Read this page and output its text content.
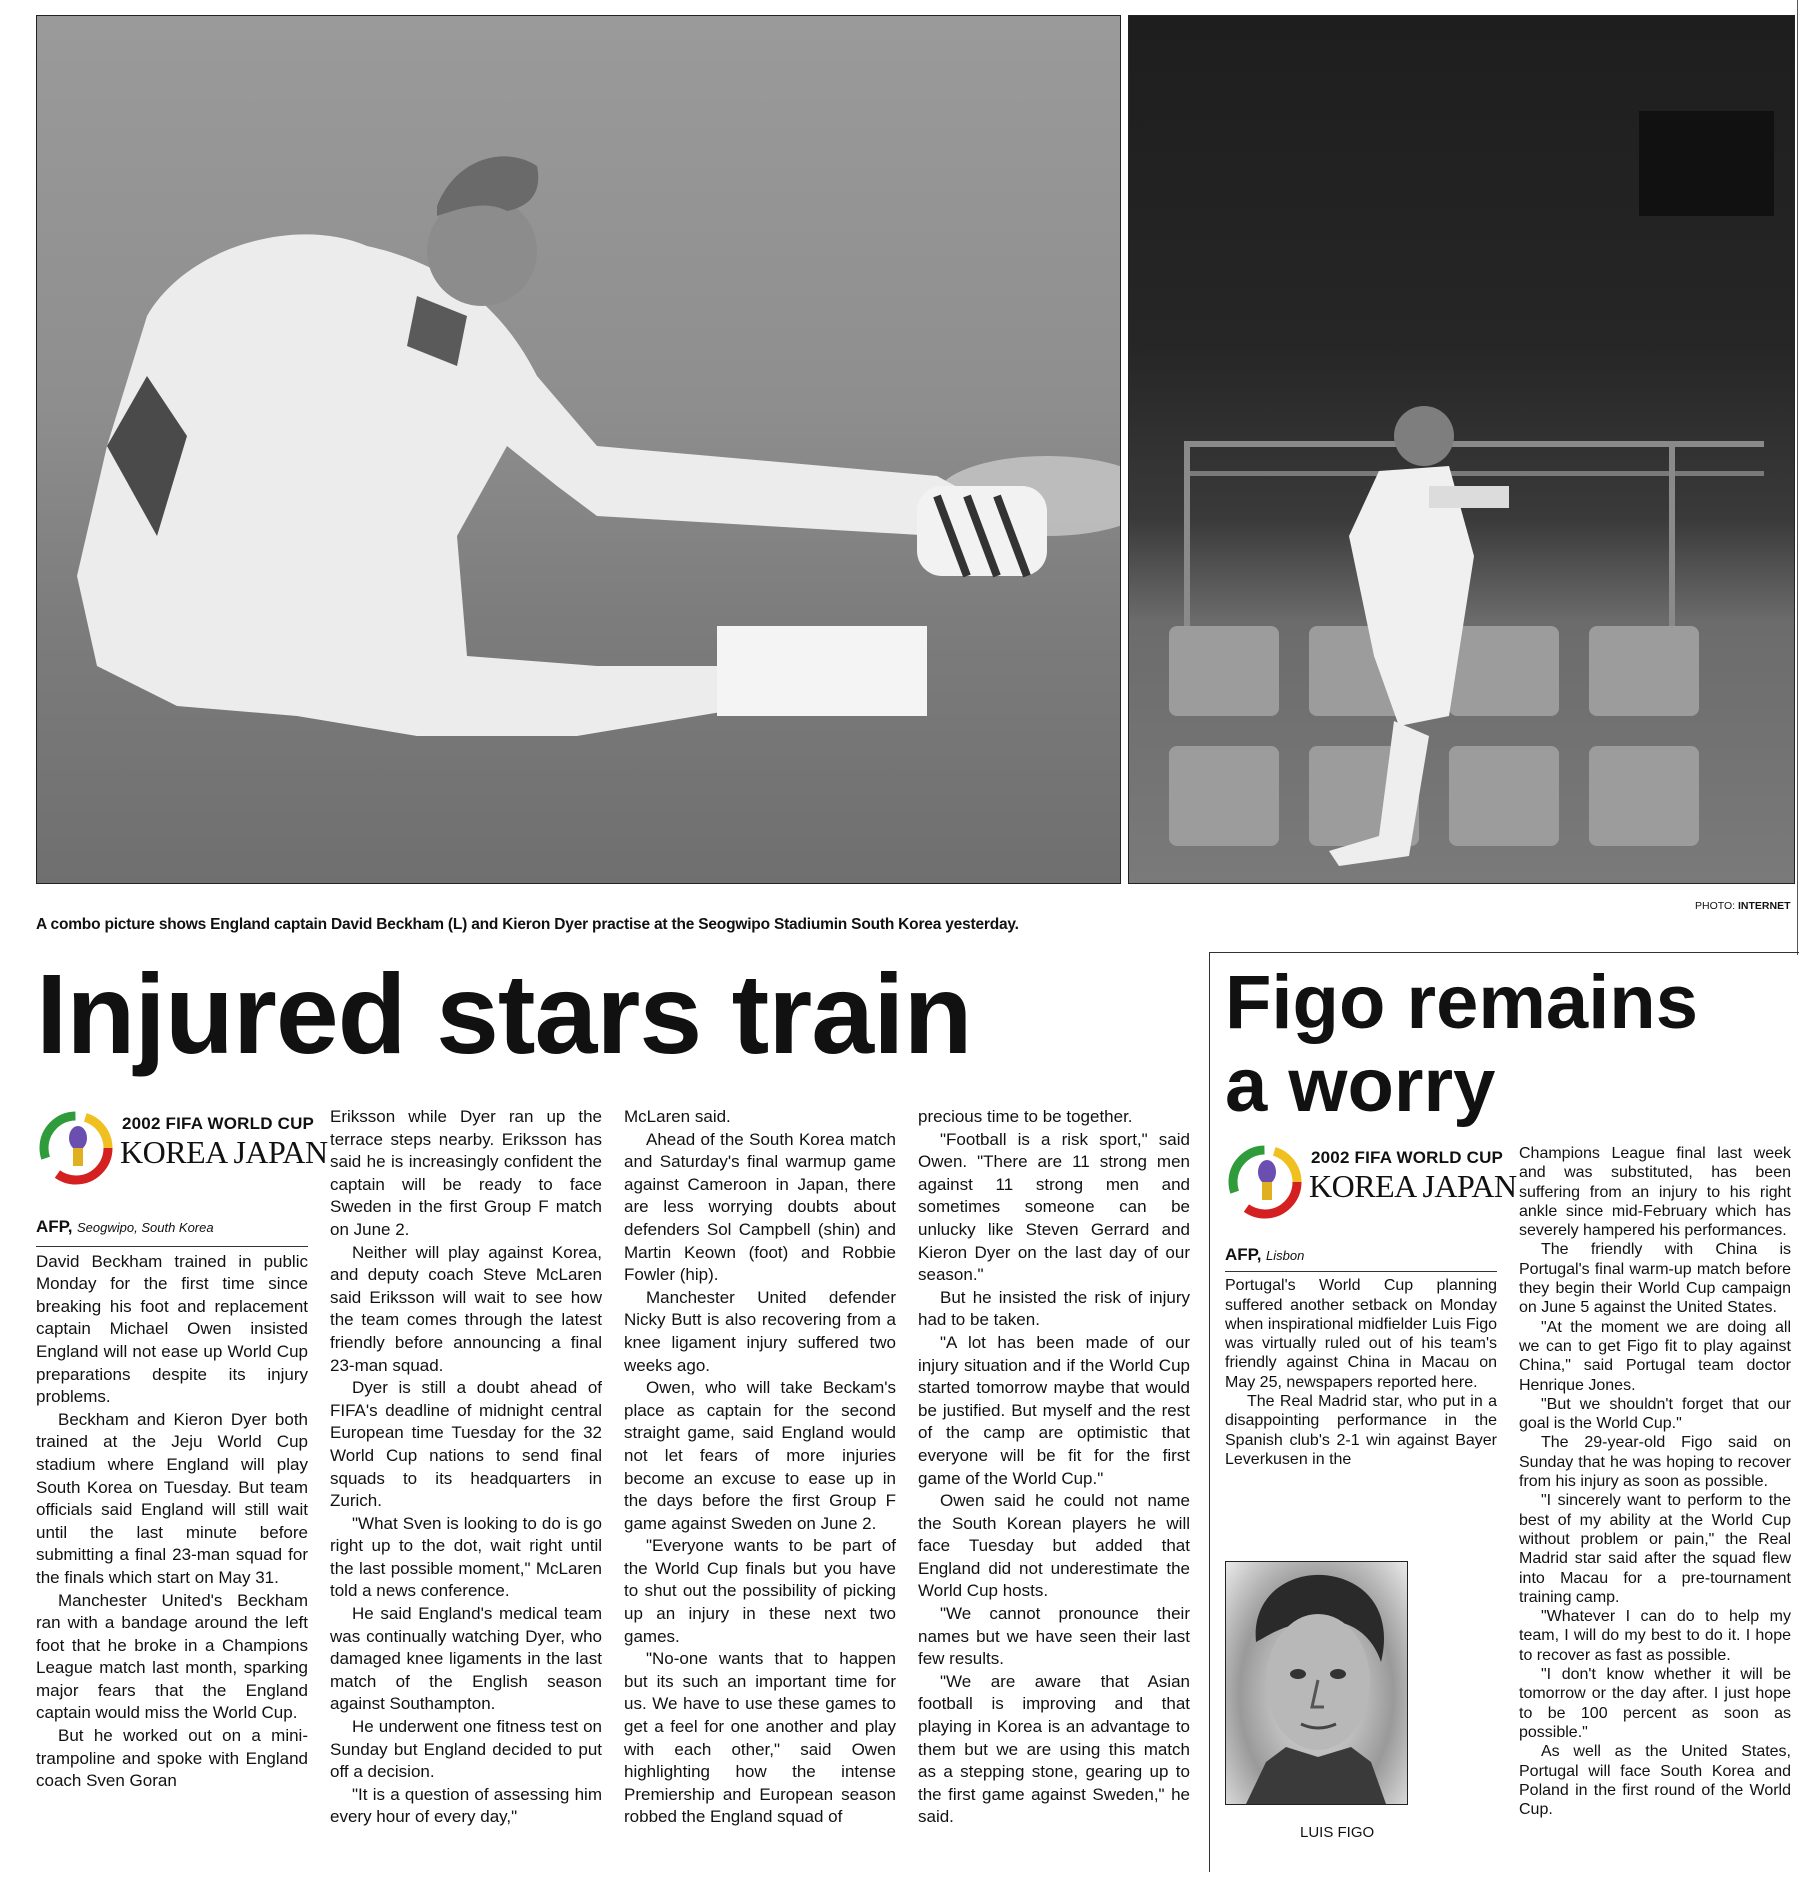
PHOTO: INTERNET
A combo picture shows England captain David Beckham (L) and Kieron Dyer practise at the Seogwipo Stadiumin South Korea yesterday.
Injured stars train	Figo remains
a worry
2002 FIFA WORLD CUP
KOREA JAPAN

AFP, Seogwipo, South Korea

David Beckham trained in public Monday for the first time since breaking his foot and replacement captain Michael Owen insisted England will not ease up World Cup preparations despite its injury problems.

Beckham and Kieron Dyer both trained at the Jeju World Cup stadium where England will play South Korea on Tuesday. But team officials said England will still wait until the last minute before submitting a final 23-man squad for the finals which start on May 31.

Manchester United's Beckham ran with a bandage around the left foot that he broke in a Champions League match last month, sparking major fears that the England captain would miss the World Cup.

But he worked out on a mini-trampoline and spoke with England coach Sven Goran

Eriksson while Dyer ran up the terrace steps nearby. Eriksson has said he is increasingly confident the captain will be ready to face Sweden in the first Group F match on June 2.

Neither will play against Korea, and deputy coach Steve McLaren said Eriksson will wait to see how the team comes through the latest friendly before announcing a final 23-man squad.

Dyer is still a doubt ahead of FIFA's deadline of midnight central European time Tuesday for the 32 World Cup nations to send final squads to its headquarters in Zurich.

"What Sven is looking to do is go right up to the dot, wait right until the last possible moment," McLaren told a news conference.

He said England's medical team was continually watching Dyer, who damaged knee ligaments in the last match of the English season against Southampton.

He underwent one fitness test on Sunday but England decided to put off a decision.

"It is a question of assessing him every hour of every day,"

McLaren said.

Ahead of the South Korea match and Saturday's final warmup game against Cameroon in Japan, there are less worrying doubts about defenders Sol Campbell (shin) and Martin Keown (foot) and Robbie Fowler (hip).

Manchester United defender Nicky Butt is also recovering from a knee ligament injury suffered two weeks ago.

Owen, who will take Beckam's place as captain for the second straight game, said England would not let fears of more injuries become an excuse to ease up in the days before the first Group F game against Sweden on June 2.

"Everyone wants to be part of the World Cup finals but you have to shut out the possibility of picking up an injury in these next two games.

"No-one wants that to happen but its such an important time for us. We have to use these games to get a feel for one another and play with each other," said Owen highlighting how the intense Premiership and European season robbed the England squad of

precious time to be together.

"Football is a risk sport," said Owen. "There are 11 strong men against 11 strong men and sometimes someone can be unlucky like Steven Gerrard and Kieron Dyer on the last day of our season."

But he insisted the risk of injury had to be taken.

"A lot has been made of our injury situation and if the World Cup started tomorrow maybe that would be justified. But myself and the rest of the camp are optimistic that everyone will be fit for the first game of the World Cup."

Owen said he could not name the South Korean players he will face Tuesday but added that England did not underestimate the World Cup hosts.

"We cannot pronounce their names but we have seen their last few results.

"We are aware that Asian football is improving and that playing in Korea is an advantage to them but we are using this match as a stepping stone, gearing up to the first game against Sweden," he said.

2002 FIFA WORLD CUP
KOREA JAPAN

AFP, Lisbon

Portugal's World Cup planning suffered another setback on Monday when inspirational midfielder Luis Figo was virtually ruled out of his team's friendly against China in Macau on May 25, newspapers reported here.

The Real Madrid star, who put in a disappointing performance in the Spanish club's 2-1 win against Bayer Leverkusen in the

LUIS FIGO

Champions League final last week and was substituted, has been suffering from an injury to his right ankle since mid-February which has severely hampered his performances.

The friendly with China is Portugal's final warm-up match before they begin their World Cup campaign on June 5 against the United States.

"At the moment we are doing all we can to get Figo fit to play against China," said Portugal team doctor Henrique Jones.

"But we shouldn't forget that our goal is the World Cup."

The 29-year-old Figo said on Sunday that he was hoping to recover from his injury as soon as possible.

"I sincerely want to perform to the best of my ability at the World Cup without problem or pain," the Real Madrid star said after the squad flew into Macau for a pre-tournament training camp.

"Whatever I can do to help my team, I will do my best to do it. I hope to recover as fast as possible.

"I don't know whether it will be tomorrow or the day after. I just hope to be 100 percent as soon as possible."

As well as the United States, Portugal will face South Korea and Poland in the first round of the World Cup.
